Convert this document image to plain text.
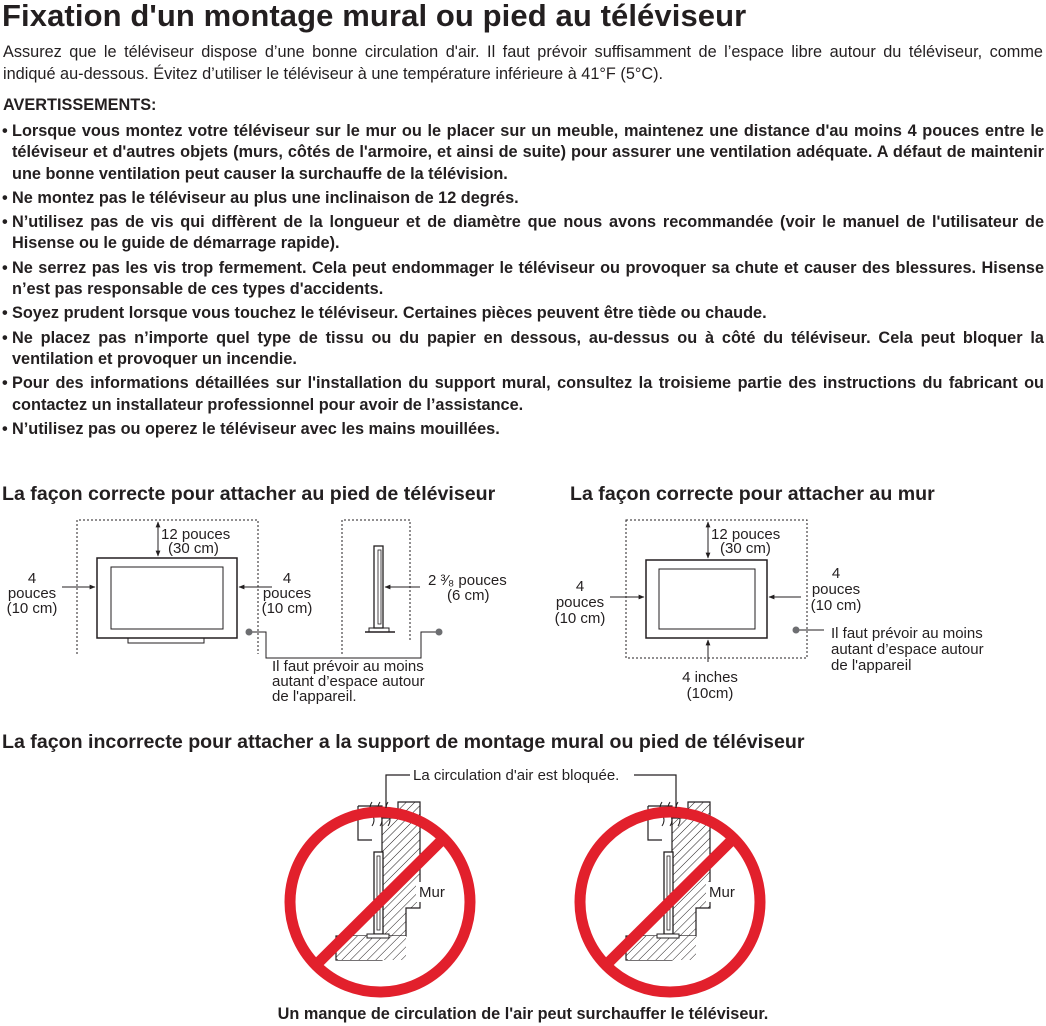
Fixation d'un montage mural ou pied au téléviseur

Assurez que le téléviseur dispose d’une bonne circulation d'air. Il faut prévoir suffisamment de l’espace libre autour du téléviseur, comme indiqué au-dessous. Évitez d’utiliser le téléviseur à une température inférieure à 41°F (5°C).

AVERTISSEMENTS:
• Lorsque vous montez votre téléviseur sur le mur ou le placer sur un meuble, maintenez une distance d'au moins 4 pouces entre le téléviseur et d'autres objets (murs, côtés de l'armoire, et ainsi de suite) pour assurer une ventilation adéquate. A défaut de maintenir une bonne ventilation peut causer la surchauffe de la télévision.
• Ne montez pas le téléviseur au plus une inclinaison de 12 degrés.
• N’utilisez pas de vis qui diffèrent de la longueur et de diamètre que nous avons recommandée (voir le manuel de l'utilisateur de Hisense ou le guide de démarrage rapide).
• Ne serrez pas les vis trop fermement. Cela peut endommager le téléviseur ou provoquer sa chute et causer des blessures. Hisense n’est pas responsable de ces types d'accidents.
• Soyez prudent lorsque vous touchez le téléviseur. Certaines pièces peuvent être tiède ou chaude.
• Ne placez pas n’importe quel type de tissu ou du papier en dessous, au-dessus ou à côté du téléviseur. Cela peut bloquer la ventilation et provoquer un incendie.
• Pour des informations détaillées sur l'installation du support mural, consultez la troisieme partie des instructions du fabricant ou contactez un installateur professionnel pour avoir de l’assistance.
• N’utilisez pas ou operez le téléviseur avec les mains mouillées.
La façon correcte pour attacher au pied de téléviseur	La façon correcte pour attacher au mur
12 pouces
(30 cm)
4
pouces
(10 cm)
4
pouces
(10 cm)
2 ³⁄₈ pouces
(6 cm)
Il faut prévoir au moins
autant d’espace autour
de l'appareil.
12 pouces
(30 cm)
4
pouces
(10 cm)
4
pouces
(10 cm)
4 inches
(10cm)
Il faut prévoir au moins
autant d’espace autour
de l'appareil
La façon incorrecte pour attacher a la support de montage mural ou pied de téléviseur
La circulation d'air est bloquée.
Mur	Mur
Un manque de circulation de l'air peut surchauffer le téléviseur.
